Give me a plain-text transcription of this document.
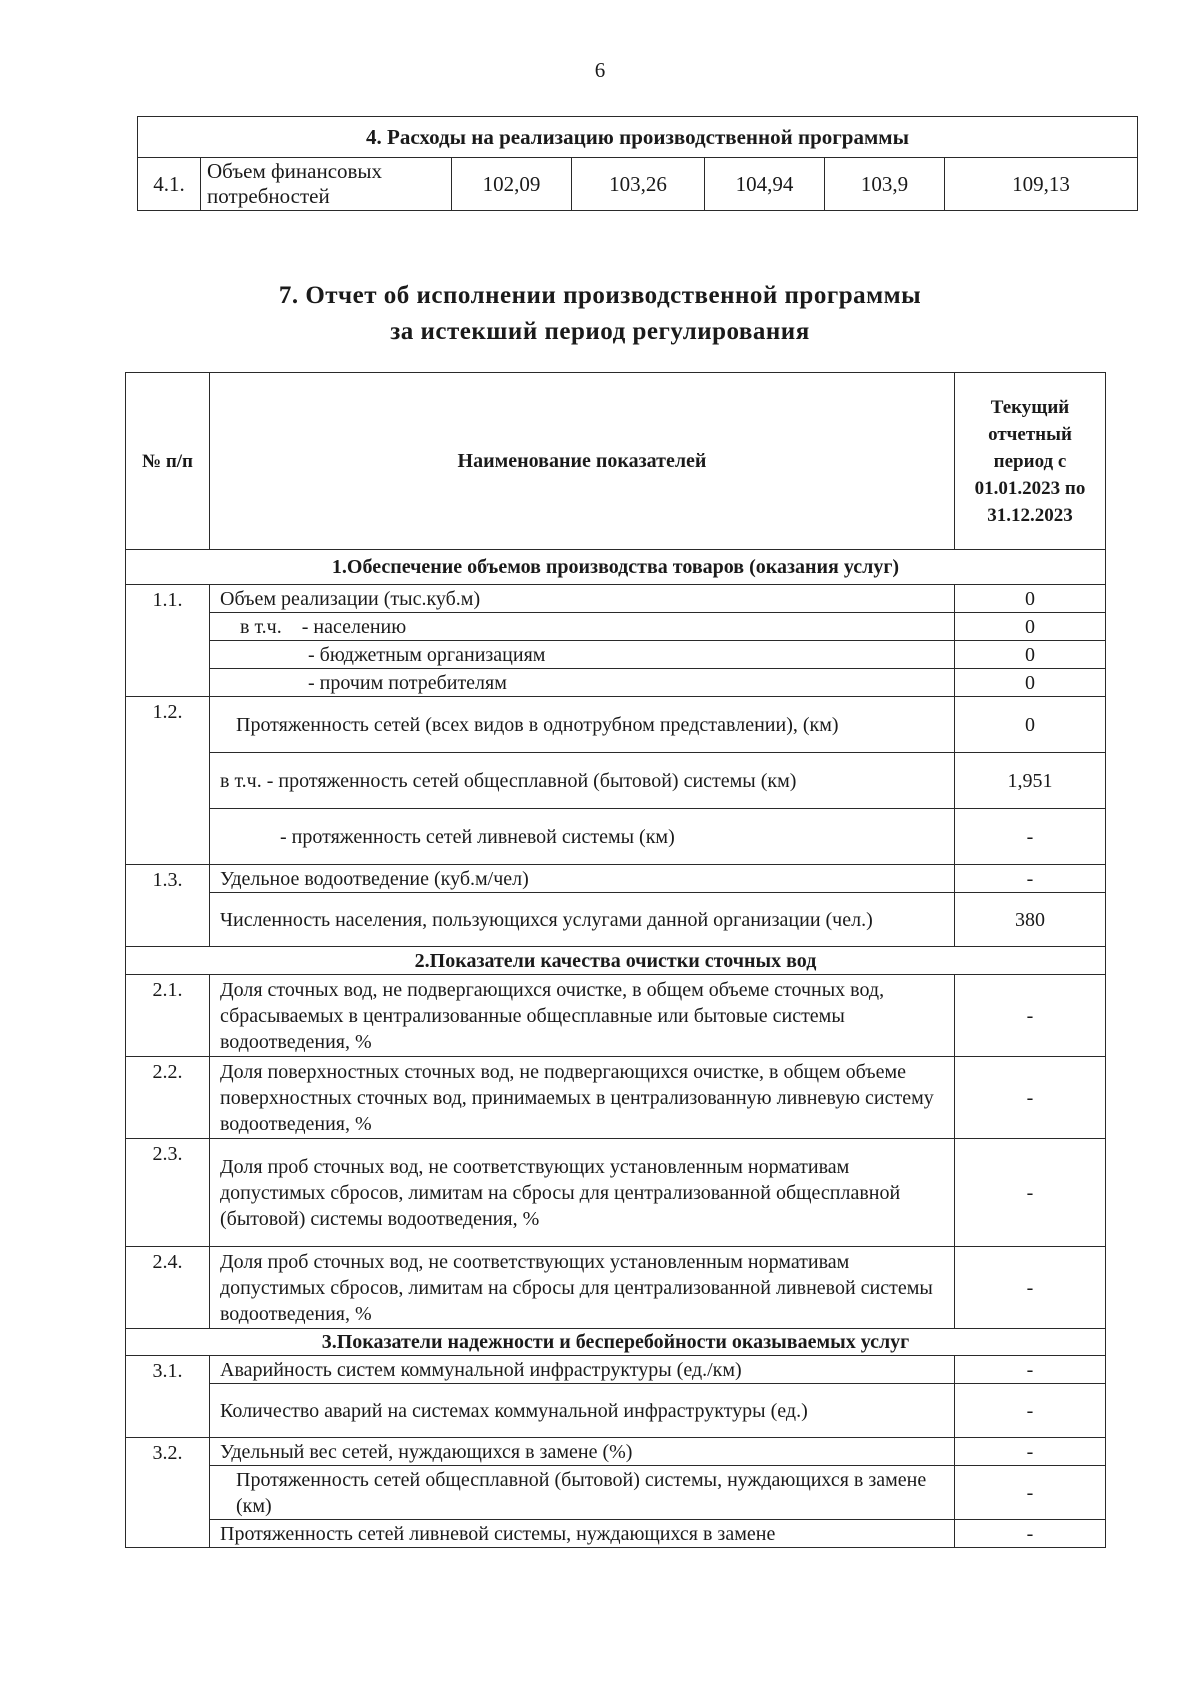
6
4. Расходы на реализацию производственной программы
4.1.	Объем финансовых потребностей	102,09	103,26	104,94	103,9	109,13
7. Отчет об исполнении производственной программы
за истекший период регулирования
№ п/п	Наименование показателей	Текущий отчетный период с 01.01.2023 по 31.12.2023
1.Обеспечение объемов производства товаров (оказания услуг)		
1.1.	Объем реализации (тыс.куб.м)	0
	в т.ч.    - населению	0
	- бюджетным организациям	0
	- прочим потребителям	0
1.2.	Протяженность сетей (всех видов в однотрубном представлении), (км)	0
	в т.ч. - протяженность сетей общесплавной (бытовой) системы (км)	1,951
	- протяженность сетей ливневой системы (км)	-
1.3.	Удельное водоотведение (куб.м/чел)	-
	Численность населения, пользующихся услугами данной организации (чел.)	380
2.Показатели качества очистки сточных вод		
2.1.	Доля сточных вод, не подвергающихся очистке, в общем объеме сточных вод, сбрасываемых в централизованные общесплавные или бытовые системы водоотведения, %	-
2.2.	Доля поверхностных сточных вод, не подвергающихся очистке, в общем объеме поверхностных сточных вод, принимаемых в централизованную ливневую систему водоотведения, %	-
2.3.	Доля проб сточных вод, не соответствующих установленным нормативам допустимых сбросов, лимитам на сбросы для централизованной общесплавной (бытовой) системы водоотведения, %	-
2.4.	Доля проб сточных вод, не соответствующих установленным нормативам допустимых сбросов, лимитам на сбросы для централизованной ливневой системы водоотведения, %	-
3.Показатели надежности и бесперебойности оказываемых услуг		
3.1.	Аварийность систем коммунальной инфраструктуры (ед./км)	-
	Количество аварий на системах коммунальной инфраструктуры (ед.)	-
3.2.	Удельный вес сетей, нуждающихся в замене (%)	-
	Протяженность сетей общесплавной (бытовой) системы, нуждающихся в замене (км)	-
	Протяженность сетей ливневой системы, нуждающихся в замене	-
